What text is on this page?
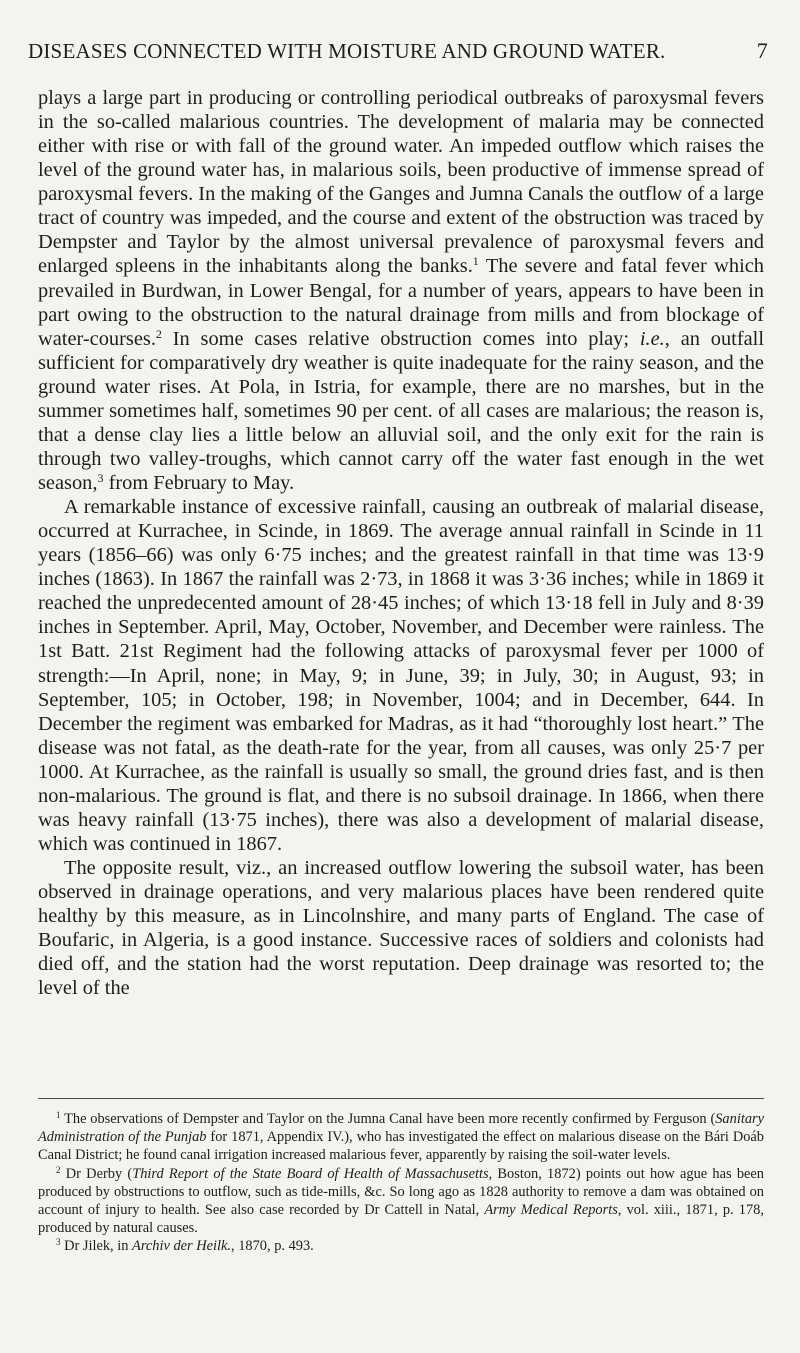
DISEASES CONNECTED WITH MOISTURE AND GROUND WATER.	7

plays a large part in producing or controlling periodical outbreaks of paroxysmal fevers in the so-called malarious countries. The development of malaria may be connected either with rise or with fall of the ground water. An impeded outflow which raises the level of the ground water has, in malarious soils, been productive of immense spread of paroxysmal fevers. In the making of the Ganges and Jumna Canals the outflow of a large tract of country was impeded, and the course and extent of the obstruction was traced by Dempster and Taylor by the almost universal prevalence of paroxysmal fevers and enlarged spleens in the inhabitants along the banks.$^1$ The severe and fatal fever which prevailed in Burdwan, in Lower Bengal, for a number of years, appears to have been in part owing to the obstruction to the natural drainage from mills and from blockage of water-courses.$^2$ In some cases relative obstruction comes into play; i.e., an outfall sufficient for comparatively dry weather is quite inadequate for the rainy season, and the ground water rises. At Pola, in Istria, for example, there are no marshes, but in the summer sometimes half, sometimes 90 per cent. of all cases are malarious; the reason is, that a dense clay lies a little below an alluvial soil, and the only exit for the rain is through two valley-troughs, which cannot carry off the water fast enough in the wet season,$^3$ from February to May.

A remarkable instance of excessive rainfall, causing an outbreak of malarial disease, occurred at Kurrachee, in Scinde, in 1869. The average annual rainfall in Scinde in 11 years (1856–66) was only 6·75 inches; and the greatest rainfall in that time was 13·9 inches (1863). In 1867 the rainfall was 2·73, in 1868 it was 3·36 inches; while in 1869 it reached the unpredecented amount of 28·45 inches; of which 13·18 fell in July and 8·39 inches in September. April, May, October, November, and December were rainless. The 1st Batt. 21st Regiment had the following attacks of paroxysmal fever per 1000 of strength:—In April, none; in May, 9; in June, 39; in July, 30; in August, 93; in September, 105; in October, 198; in November, 1004; and in December, 644. In December the regiment was embarked for Madras, as it had “thoroughly lost heart.” The disease was not fatal, as the death-rate for the year, from all causes, was only 25·7 per 1000. At Kurrachee, as the rainfall is usually so small, the ground dries fast, and is then non-malarious. The ground is flat, and there is no subsoil drainage. In 1866, when there was heavy rainfall (13·75 inches), there was also a development of malarial disease, which was continued in 1867.

The opposite result, viz., an increased outflow lowering the subsoil water, has been observed in drainage operations, and very malarious places have been rendered quite healthy by this measure, as in Lincolnshire, and many parts of England. The case of Boufaric, in Algeria, is a good instance. Successive races of soldiers and colonists had died off, and the station had the worst reputation. Deep drainage was resorted to; the level of the

$^1$ The observations of Dempster and Taylor on the Jumna Canal have been more recently confirmed by Ferguson (Sanitary Administration of the Punjab for 1871, Appendix IV.), who has investigated the effect on malarious disease on the Bári Doáb Canal District; he found canal irrigation increased malarious fever, apparently by raising the soil-water levels.

$^2$ Dr Derby (Third Report of the State Board of Health of Massachusetts, Boston, 1872) points out how ague has been produced by obstructions to outflow, such as tide-mills, &c. So long ago as 1828 authority to remove a dam was obtained on account of injury to health. See also case recorded by Dr Cattell in Natal, Army Medical Reports, vol. xiii., 1871, p. 178, produced by natural causes.

$^3$ Dr Jilek, in Archiv der Heilk., 1870, p. 493.
